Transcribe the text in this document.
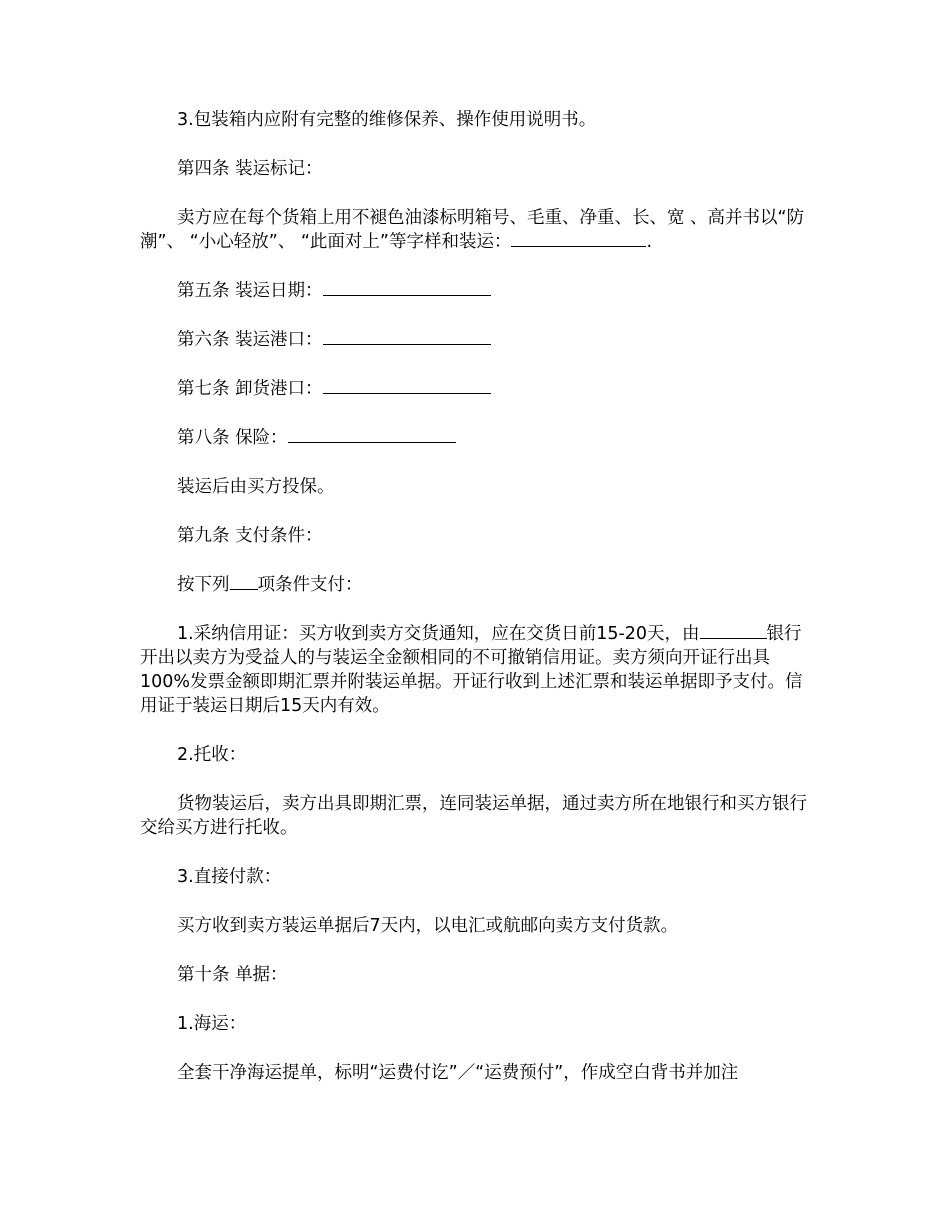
3.包装箱内应附有完整的维修保养、操作使用说明书。

第四条 装运标记：

卖方应在每个货箱上用不褪色油漆标明箱号、毛重、净重、长、宽 、高并书以“防潮”、 “小心轻放”、 “此面对上”等字样和装运：	.

第五条 装运日期：

第六条 装运港口：

第七条 卸货港口：

第八条 保险：

装运后由买方投保。

第九条 支付条件：

按下列 项条件支付：

1.采纳信用证：买方收到卖方交货通知，应在交货日前15-20天，由	银行开出以卖方为受益人的与装运全金额相同的不可撤销信用证。卖方须向开证行出具100%发票金额即期汇票并附装运单据。开证行收到上述汇票和装运单据即予支付。信用证于装运日期后15天内有效。

2.托收：

货物装运后，卖方出具即期汇票，连同装运单据，通过卖方所在地银行和买方银行交给买方进行托收。

3.直接付款：

买方收到卖方装运单据后7天内，以电汇或航邮向卖方支付货款。

第十条 单据：

1.海运：

全套干净海运提单，标明“运费付讫”／“运费预付”，作成空白背书并加注
